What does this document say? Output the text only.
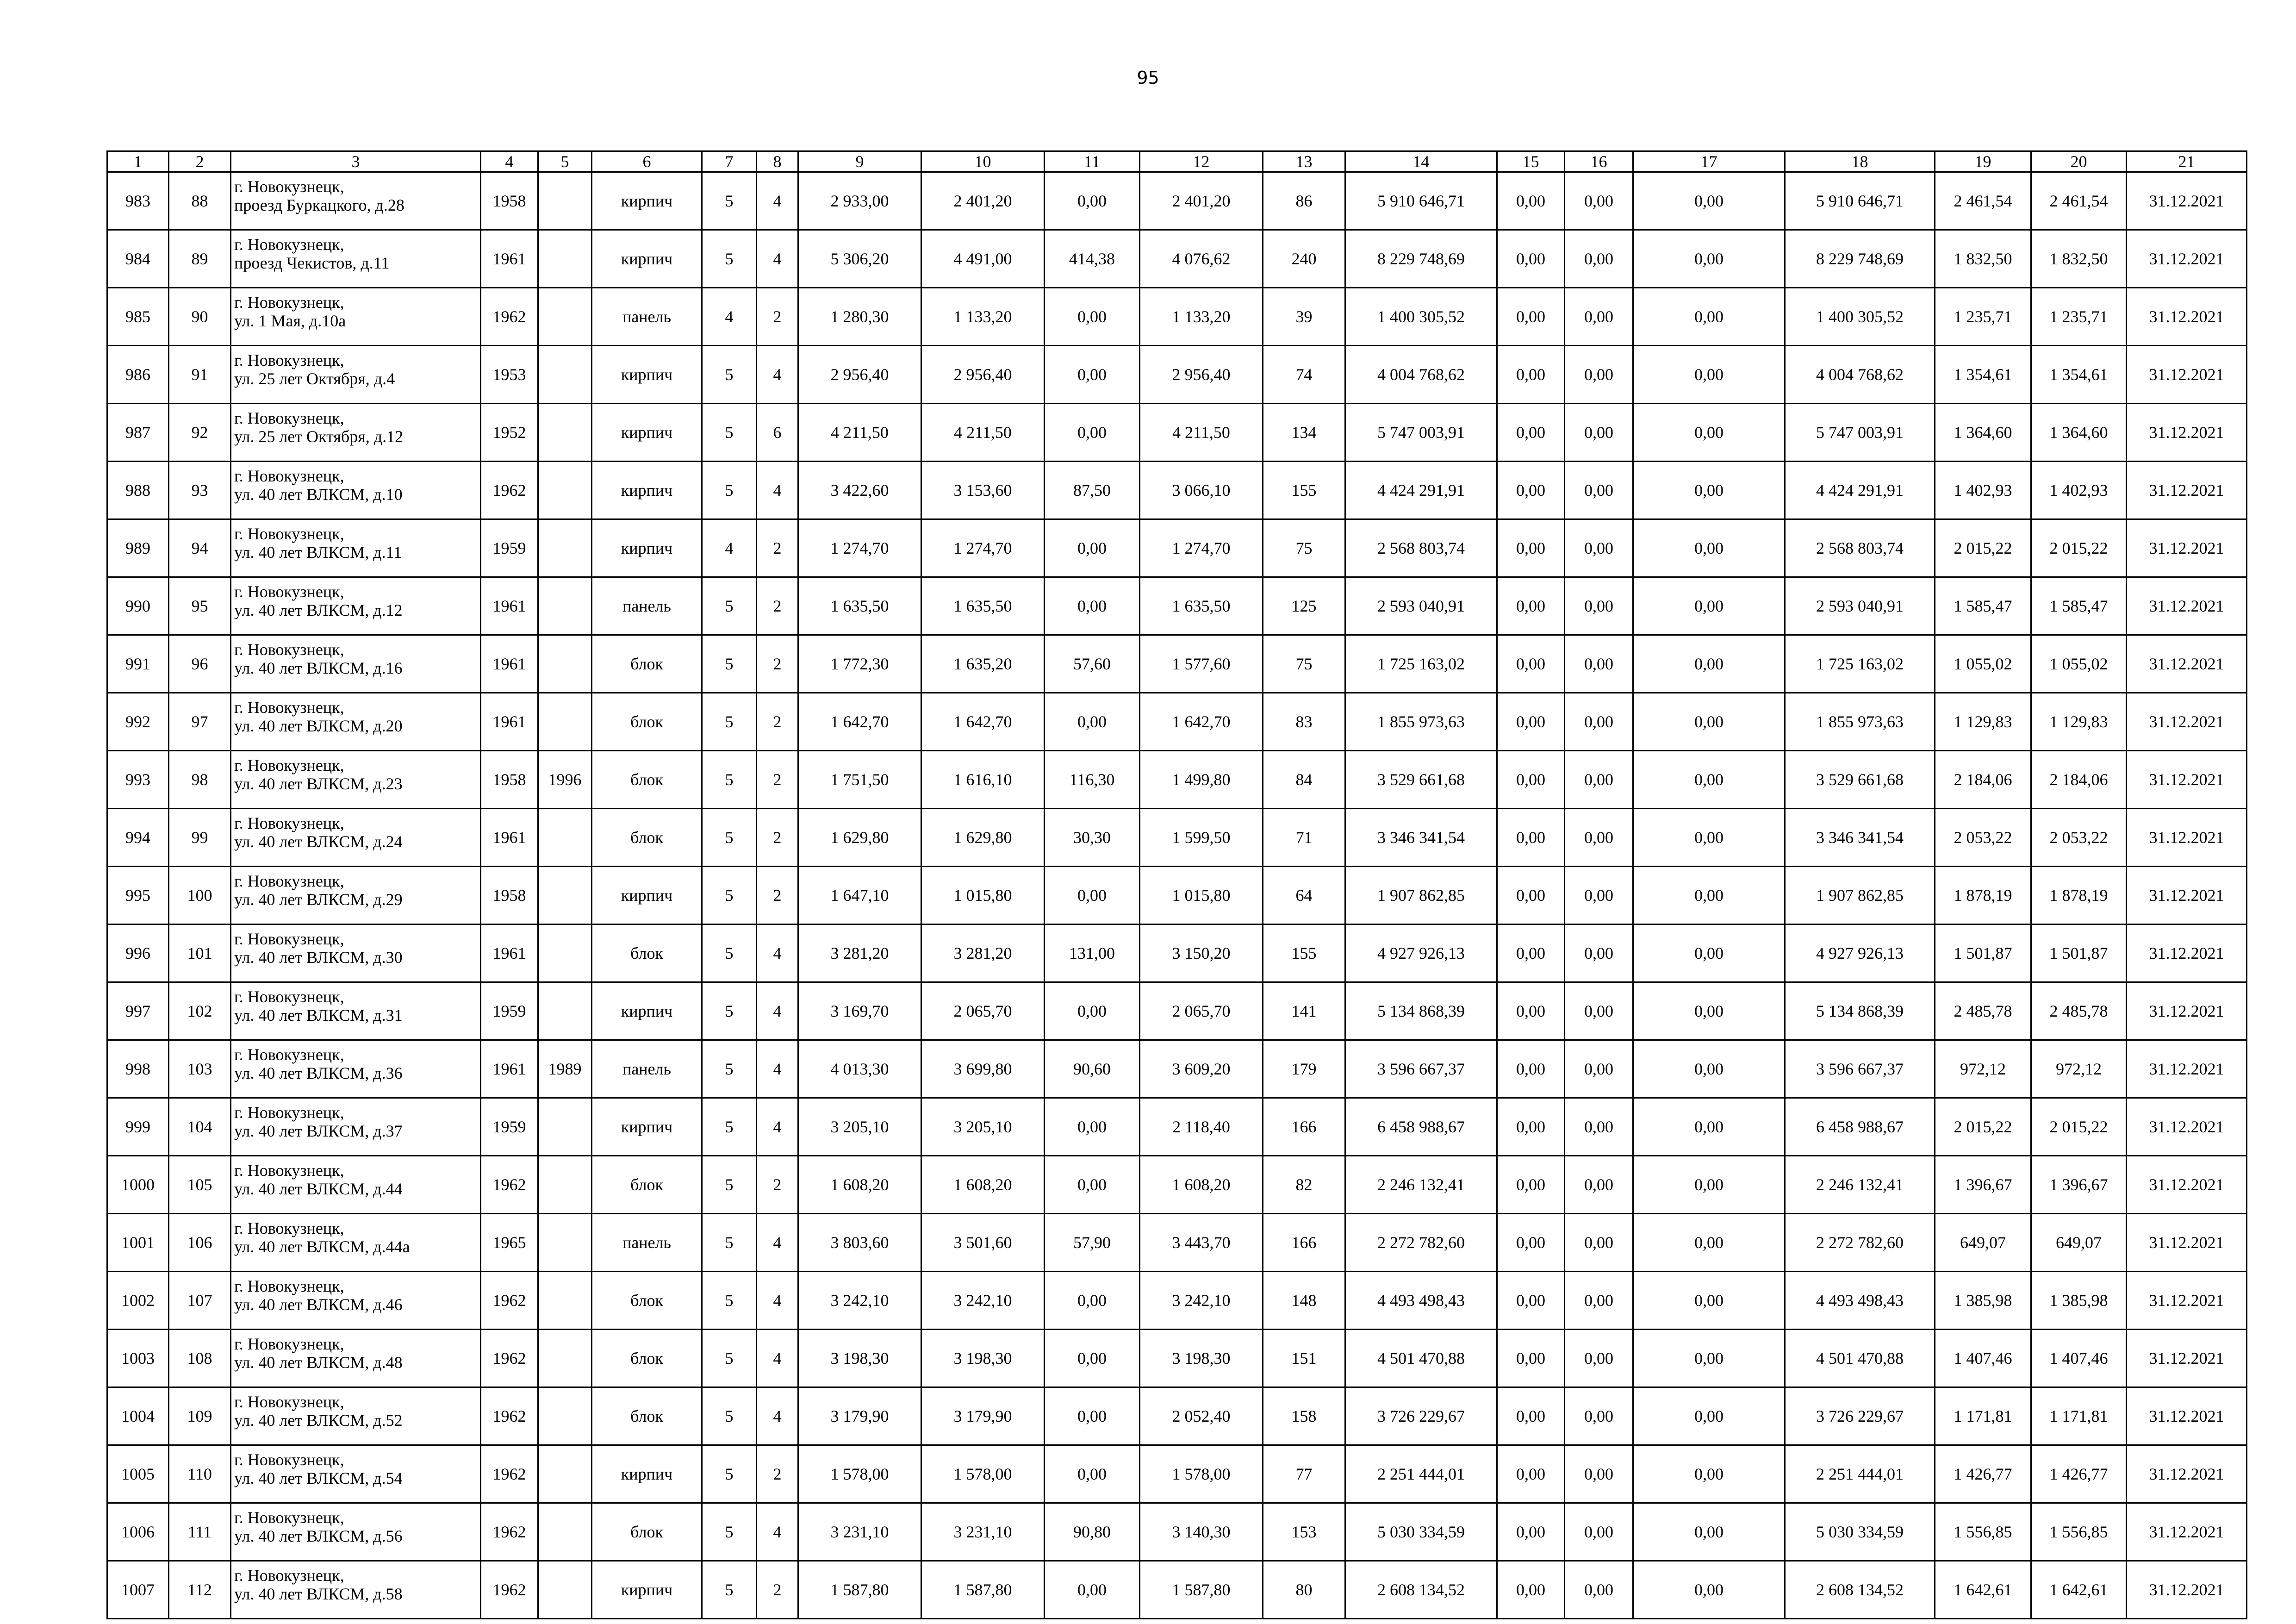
95
1	2	3	4	5	6	7	8	9	10	11	12	13	14	15	16	17	18	19	20	21
983	88	г. Новокузнецк,
проезд Буркацкого, д.28	1958		кирпич	5	4	2 933,00	2 401,20	0,00	2 401,20	86	5 910 646,71	0,00	0,00	0,00	5 910 646,71	2 461,54	2 461,54	31.12.2021
984	89	г. Новокузнецк,
проезд Чекистов, д.11	1961		кирпич	5	4	5 306,20	4 491,00	414,38	4 076,62	240	8 229 748,69	0,00	0,00	0,00	8 229 748,69	1 832,50	1 832,50	31.12.2021
985	90	г. Новокузнецк,
ул. 1 Мая, д.10а	1962		панель	4	2	1 280,30	1 133,20	0,00	1 133,20	39	1 400 305,52	0,00	0,00	0,00	1 400 305,52	1 235,71	1 235,71	31.12.2021
986	91	г. Новокузнецк,
ул. 25 лет Октября, д.4	1953		кирпич	5	4	2 956,40	2 956,40	0,00	2 956,40	74	4 004 768,62	0,00	0,00	0,00	4 004 768,62	1 354,61	1 354,61	31.12.2021
987	92	г. Новокузнецк,
ул. 25 лет Октября, д.12	1952		кирпич	5	6	4 211,50	4 211,50	0,00	4 211,50	134	5 747 003,91	0,00	0,00	0,00	5 747 003,91	1 364,60	1 364,60	31.12.2021
988	93	г. Новокузнецк,
ул. 40 лет ВЛКСМ, д.10	1962		кирпич	5	4	3 422,60	3 153,60	87,50	3 066,10	155	4 424 291,91	0,00	0,00	0,00	4 424 291,91	1 402,93	1 402,93	31.12.2021
989	94	г. Новокузнецк,
ул. 40 лет ВЛКСМ, д.11	1959		кирпич	4	2	1 274,70	1 274,70	0,00	1 274,70	75	2 568 803,74	0,00	0,00	0,00	2 568 803,74	2 015,22	2 015,22	31.12.2021
990	95	г. Новокузнецк,
ул. 40 лет ВЛКСМ, д.12	1961		панель	5	2	1 635,50	1 635,50	0,00	1 635,50	125	2 593 040,91	0,00	0,00	0,00	2 593 040,91	1 585,47	1 585,47	31.12.2021
991	96	г. Новокузнецк,
ул. 40 лет ВЛКСМ, д.16	1961		блок	5	2	1 772,30	1 635,20	57,60	1 577,60	75	1 725 163,02	0,00	0,00	0,00	1 725 163,02	1 055,02	1 055,02	31.12.2021
992	97	г. Новокузнецк,
ул. 40 лет ВЛКСМ, д.20	1961		блок	5	2	1 642,70	1 642,70	0,00	1 642,70	83	1 855 973,63	0,00	0,00	0,00	1 855 973,63	1 129,83	1 129,83	31.12.2021
993	98	г. Новокузнецк,
ул. 40 лет ВЛКСМ, д.23	1958	1996	блок	5	2	1 751,50	1 616,10	116,30	1 499,80	84	3 529 661,68	0,00	0,00	0,00	3 529 661,68	2 184,06	2 184,06	31.12.2021
994	99	г. Новокузнецк,
ул. 40 лет ВЛКСМ, д.24	1961		блок	5	2	1 629,80	1 629,80	30,30	1 599,50	71	3 346 341,54	0,00	0,00	0,00	3 346 341,54	2 053,22	2 053,22	31.12.2021
995	100	г. Новокузнецк,
ул. 40 лет ВЛКСМ, д.29	1958		кирпич	5	2	1 647,10	1 015,80	0,00	1 015,80	64	1 907 862,85	0,00	0,00	0,00	1 907 862,85	1 878,19	1 878,19	31.12.2021
996	101	г. Новокузнецк,
ул. 40 лет ВЛКСМ, д.30	1961		блок	5	4	3 281,20	3 281,20	131,00	3 150,20	155	4 927 926,13	0,00	0,00	0,00	4 927 926,13	1 501,87	1 501,87	31.12.2021
997	102	г. Новокузнецк,
ул. 40 лет ВЛКСМ, д.31	1959		кирпич	5	4	3 169,70	2 065,70	0,00	2 065,70	141	5 134 868,39	0,00	0,00	0,00	5 134 868,39	2 485,78	2 485,78	31.12.2021
998	103	г. Новокузнецк,
ул. 40 лет ВЛКСМ, д.36	1961	1989	панель	5	4	4 013,30	3 699,80	90,60	3 609,20	179	3 596 667,37	0,00	0,00	0,00	3 596 667,37	972,12	972,12	31.12.2021
999	104	г. Новокузнецк,
ул. 40 лет ВЛКСМ, д.37	1959		кирпич	5	4	3 205,10	3 205,10	0,00	2 118,40	166	6 458 988,67	0,00	0,00	0,00	6 458 988,67	2 015,22	2 015,22	31.12.2021
1000	105	г. Новокузнецк,
ул. 40 лет ВЛКСМ, д.44	1962		блок	5	2	1 608,20	1 608,20	0,00	1 608,20	82	2 246 132,41	0,00	0,00	0,00	2 246 132,41	1 396,67	1 396,67	31.12.2021
1001	106	г. Новокузнецк,
ул. 40 лет ВЛКСМ, д.44а	1965		панель	5	4	3 803,60	3 501,60	57,90	3 443,70	166	2 272 782,60	0,00	0,00	0,00	2 272 782,60	649,07	649,07	31.12.2021
1002	107	г. Новокузнецк,
ул. 40 лет ВЛКСМ, д.46	1962		блок	5	4	3 242,10	3 242,10	0,00	3 242,10	148	4 493 498,43	0,00	0,00	0,00	4 493 498,43	1 385,98	1 385,98	31.12.2021
1003	108	г. Новокузнецк,
ул. 40 лет ВЛКСМ, д.48	1962		блок	5	4	3 198,30	3 198,30	0,00	3 198,30	151	4 501 470,88	0,00	0,00	0,00	4 501 470,88	1 407,46	1 407,46	31.12.2021
1004	109	г. Новокузнецк,
ул. 40 лет ВЛКСМ, д.52	1962		блок	5	4	3 179,90	3 179,90	0,00	2 052,40	158	3 726 229,67	0,00	0,00	0,00	3 726 229,67	1 171,81	1 171,81	31.12.2021
1005	110	г. Новокузнецк,
ул. 40 лет ВЛКСМ, д.54	1962		кирпич	5	2	1 578,00	1 578,00	0,00	1 578,00	77	2 251 444,01	0,00	0,00	0,00	2 251 444,01	1 426,77	1 426,77	31.12.2021
1006	111	г. Новокузнецк,
ул. 40 лет ВЛКСМ, д.56	1962		блок	5	4	3 231,10	3 231,10	90,80	3 140,30	153	5 030 334,59	0,00	0,00	0,00	5 030 334,59	1 556,85	1 556,85	31.12.2021
1007	112	г. Новокузнецк,
ул. 40 лет ВЛКСМ, д.58	1962		кирпич	5	2	1 587,80	1 587,80	0,00	1 587,80	80	2 608 134,52	0,00	0,00	0,00	2 608 134,52	1 642,61	1 642,61	31.12.2021
